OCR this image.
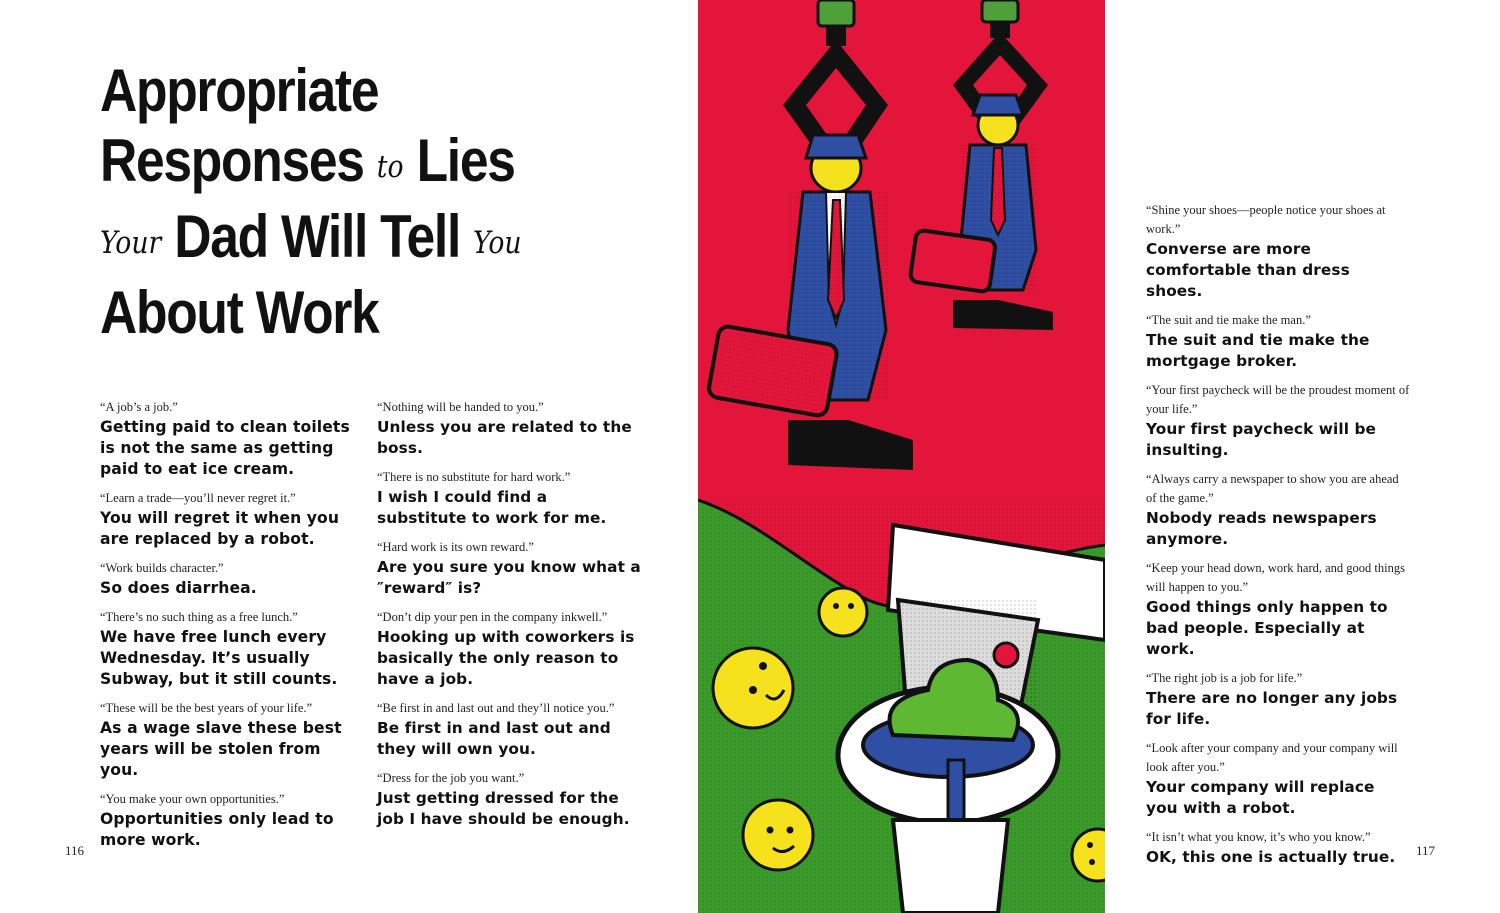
Appropriate
Responses to Lies
Your Dad Will Tell You
About Work
“A job’s a job.”
Getting paid to clean toilets is not the same as getting paid to eat ice cream.
“Learn a trade—you’ll never regret it.”
You will regret it when you are replaced by a robot.
“Work builds character.”
So does diarrhea.
“There’s no such thing as a free lunch.”
We have free lunch every Wednesday. It’s usually Subway, but it still counts.
“These will be the best years of your life.”
As a wage slave these best years will be stolen from you.
“You make your own opportunities.”
Opportunities only lead to more work.
“Nothing will be handed to you.”
Unless you are related to the boss.
“There is no substitute for hard work.”
I wish I could find a substitute to work for me.
“Hard work is its own reward.”
Are you sure you know what a ″reward″ is?
“Don’t dip your pen in the company inkwell.”
Hooking up with coworkers is basically the only reason to have a job.
“Be first in and last out and they’ll notice you.”
Be first in and last out and they will own you.
“Dress for the job you want.”
Just getting dressed for the job I have should be enough.
116	117
“Shine your shoes—people notice your shoes at work.”
Converse are more comfortable than dress shoes.
“The suit and tie make the man.”
The suit and tie make the mortgage broker.
“Your first paycheck will be the proudest moment of your life.”
Your first paycheck will be insulting.
“Always carry a newspaper to show you are ahead of the game.”
Nobody reads newspapers anymore.
“Keep your head down, work hard, and good things will happen to you.”
Good things only happen to bad people. Especially at work.
“The right job is a job for life.”
There are no longer any jobs for life.
“Look after your company and your company will look after you.”
Your company will replace you with a robot.
“It isn’t what you know, it’s who you know.”
OK, this one is actually true.
